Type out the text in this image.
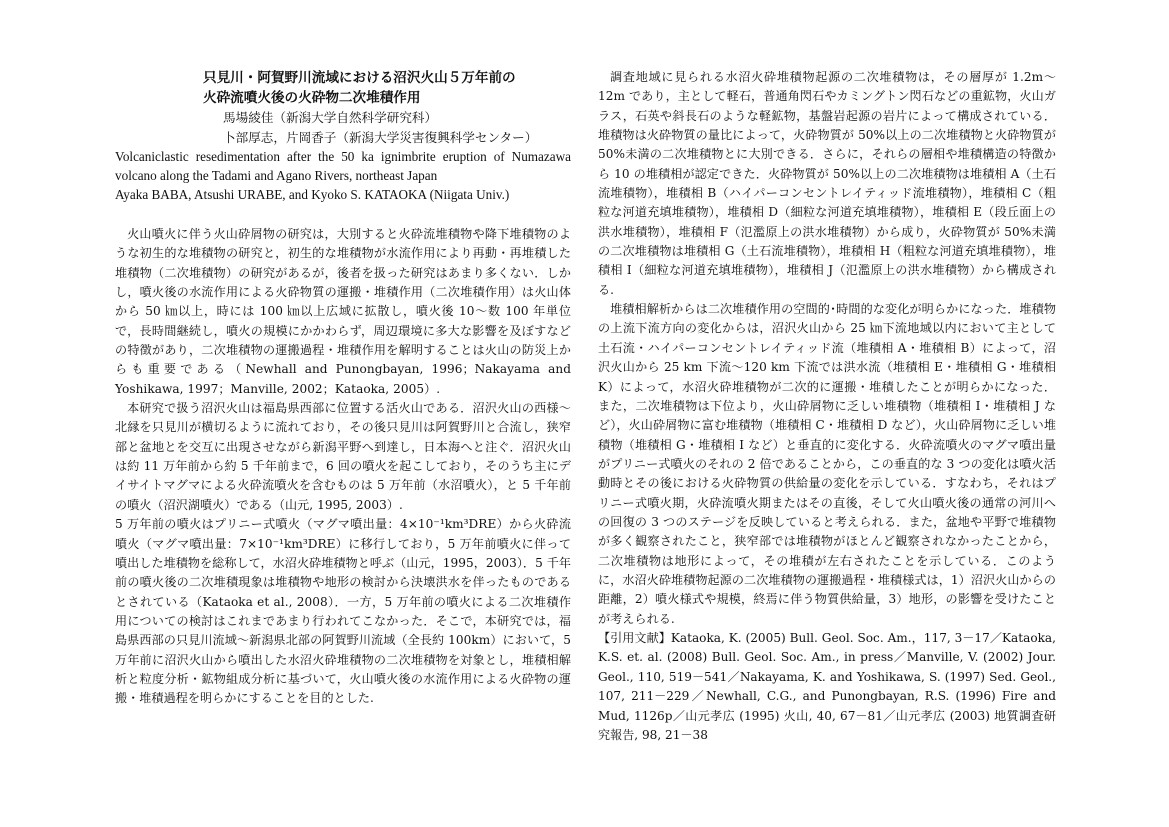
只見川・阿賀野川流域における沼沢火山５万年前の

火砕流噴火後の火砕物二次堆積作用

馬場綾佳（新潟大学自然科学研究科）

卜部厚志，片岡香子（新潟大学災害復興科学センター）

Volcaniclastic resedimentation after the 50 ka ignimbrite eruption of Numazawa volcano along the Tadami and Agano Rivers, northeast Japan

Ayaka BABA, Atsushi URABE, and Kyoko S. KATAOKA (Niigata Univ.)

火山噴火に伴う火山砕屑物の研究は，大別すると火砕流堆積物や降下堆積物のような初生的な堆積物の研究と，初生的な堆積物が水流作用により再動・再堆積した堆積物（二次堆積物）の研究があるが，後者を扱った研究はあまり多くない．しかし，噴火後の水流作用による火砕物質の運搬・堆積作用（二次堆積作用）は火山体から 50 ㎞以上，時には 100 ㎞以上広域に拡散し，噴火後 10～数 100 年単位で，長時間継続し，噴火の規模にかかわらず，周辺環境に多大な影響を及ぼすなどの特徴があり，二次堆積物の運搬過程・堆積作用を解明することは火山の防災上からも重要である（Newhall and Punongbayan, 1996；Nakayama and Yoshikawa, 1997；Manville, 2002；Kataoka, 2005）.

本研究で扱う沼沢火山は福島県西部に位置する活火山である．沼沢火山の西様～北縁を只見川が横切るように流れており，その後只見川は阿賀野川と合流し，狭窄部と盆地とを交互に出現させながら新潟平野へ到達し，日本海へと注ぐ．沼沢火山は約 11 万年前から約 5 千年前まで，6 回の噴火を起こしており，そのうち主にデイサイトマグマによる火砕流噴火を含むものは 5 万年前（水沼噴火），と 5 千年前の噴火（沼沢湖噴火）である（山元, 1995, 2003）.

5 万年前の噴火はプリニー式噴火（マグマ噴出量：4×10⁻¹km³DRE）から火砕流噴火（マグマ噴出量：7×10⁻¹km³DRE）に移行しており，5 万年前噴火に伴って噴出した堆積物を総称して，水沼火砕堆積物と呼ぶ（山元，1995，2003）．5 千年前の噴火後の二次堆積現象は堆積物や地形の検討から決壊洪水を伴ったものであるとされている（Kataoka et al., 2008）．一方，5 万年前の噴火による二次堆積作用についての検討はこれまであまり行われてこなかった．そこで，本研究では，福島県西部の只見川流域～新潟県北部の阿賀野川流域（全長約 100km）において，5 万年前に沼沢火山から噴出した水沼火砕堆積物の二次堆積物を対象とし，堆積相解析と粒度分析・鉱物組成分析に基づいて，火山噴火後の水流作用による火砕物の運搬・堆積過程を明らかにすることを目的とした.

調査地域に見られる水沼火砕堆積物起源の二次堆積物は，その層厚が 1.2m～12m であり，主として軽石，普通角閃石やカミングトン閃石などの重鉱物，火山ガラス，石英や斜長石のような軽鉱物，基盤岩起源の岩片によって構成されている．堆積物は火砕物質の量比によって，火砕物質が 50%以上の二次堆積物と火砕物質が 50%未満の二次堆積物とに大別できる．さらに，それらの層相や堆積構造の特徴から 10 の堆積相が認定できた．火砕物質が 50%以上の二次堆積物は堆積相 A（土石流堆積物），堆積相 B（ハイパーコンセントレイティッド流堆積物），堆積相 C（粗粒な河道充填堆積物），堆積相 D（細粒な河道充填堆積物），堆積相 E（段丘面上の洪水堆積物），堆積相 F（氾濫原上の洪水堆積物）から成り，火砕物質が 50%未満の二次堆積物は堆積相 G（土石流堆積物），堆積相 H（粗粒な河道充填堆積物），堆積相 I（細粒な河道充填堆積物），堆積相 J（氾濫原上の洪水堆積物）から構成される.

堆積相解析からは二次堆積作用の空間的･時間的な変化が明らかになった．堆積物の上流下流方向の変化からは，沼沢火山から 25 ㎞下流地域以内において主として土石流・ハイパーコンセントレイティッド流（堆積相 A・堆積相 B）によって，沼沢火山から 25 km 下流～120 km 下流では洪水流（堆積相 E・堆積相 G・堆積相 K）によって，水沼火砕堆積物が二次的に運搬・堆積したことが明らかになった．また，二次堆積物は下位より，火山砕屑物に乏しい堆積物（堆積相 I・堆積相 J など），火山砕屑物に富む堆積物（堆積相 C・堆積相 D など），火山砕屑物に乏しい堆積物（堆積相 G・堆積相 I など）と垂直的に変化する．火砕流噴火のマグマ噴出量がプリニー式噴火のそれの 2 倍であることから，この垂直的な 3 つの変化は噴火活動時とその後における火砕物質の供給量の変化を示している．すなわち，それはプリニー式噴火期，火砕流噴火期またはその直後，そして火山噴火後の通常の河川への回復の 3 つのステージを反映していると考えられる．また，盆地や平野で堆積物が多く観察されたこと，狭窄部では堆積物がほとんど観察されなかったことから，二次堆積物は地形によって，その堆積が左右されたことを示している．このように，水沼火砕堆積物起源の二次堆積物の運搬過程・堆積様式は，1）沼沢火山からの距離，2）噴火様式や規模，終焉に伴う物質供給量，3）地形，の影響を受けたことが考えられる.

【引用文献】Kataoka, K. (2005) Bull. Geol. Soc. Am.，117, 3－17／Kataoka, K.S. et. al. (2008) Bull. Geol. Soc. Am., in press／Manville, V. (2002) Jour. Geol., 110, 519－541／Nakayama, K. and Yoshikawa, S. (1997) Sed. Geol., 107, 211－229／Newhall, C.G., and Punongbayan, R.S. (1996) Fire and Mud, 1126p／山元孝広 (1995) 火山, 40, 67－81／山元孝広 (2003) 地質調査研究報告, 98, 21－38
